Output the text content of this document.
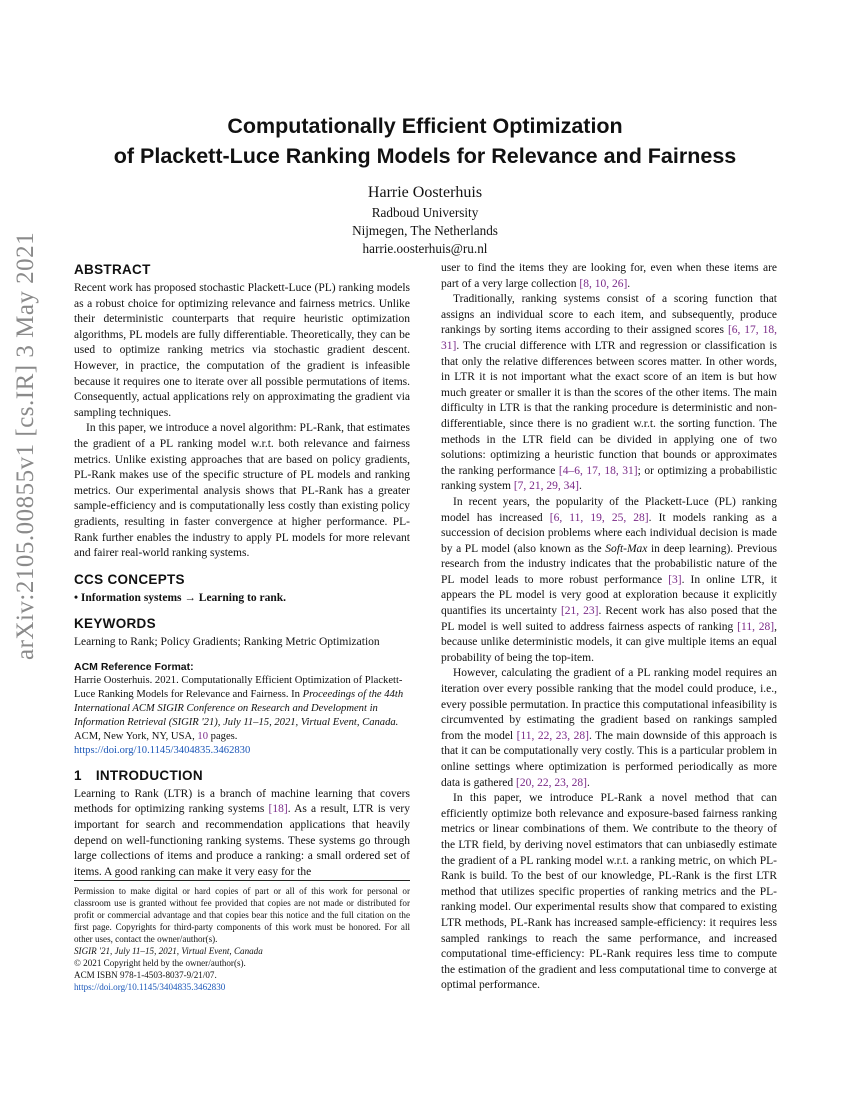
arXiv:2105.00855v1 [cs.IR] 3 May 2021
Computationally Efficient Optimization
of Plackett-Luce Ranking Models for Relevance and Fairness
Harrie Oosterhuis
Radboud University
Nijmegen, The Netherlands
harrie.oosterhuis@ru.nl
ABSTRACT

Recent work has proposed stochastic Plackett-Luce (PL) ranking models as a robust choice for optimizing relevance and fairness metrics. Unlike their deterministic counterparts that require heuristic optimization algorithms, PL models are fully differentiable. Theoretically, they can be used to optimize ranking metrics via stochastic gradient descent. However, in practice, the computation of the gradient is infeasible because it requires one to iterate over all possible permutations of items. Consequently, actual applications rely on approximating the gradient via sampling techniques.

In this paper, we introduce a novel algorithm: PL-Rank, that estimates the gradient of a PL ranking model w.r.t. both relevance and fairness metrics. Unlike existing approaches that are based on policy gradients, PL-Rank makes use of the specific structure of PL models and ranking metrics. Our experimental analysis shows that PL-Rank has a greater sample-efficiency and is computationally less costly than existing policy gradients, resulting in faster convergence at higher performance. PL-Rank further enables the industry to apply PL models for more relevant and fairer real-world ranking systems.

CCS CONCEPTS

• Information systems → Learning to rank.

KEYWORDS

Learning to Rank; Policy Gradients; Ranking Metric Optimization

ACM Reference Format:

Harrie Oosterhuis. 2021. Computationally Efficient Optimization of Plackett-Luce Ranking Models for Relevance and Fairness. In Proceedings of the 44th International ACM SIGIR Conference on Research and Development in Information Retrieval (SIGIR '21), July 11–15, 2021, Virtual Event, Canada. ACM, New York, NY, USA, 10 pages. https://doi.org/10.1145/3404835.3462830

1 INTRODUCTION

Learning to Rank (LTR) is a branch of machine learning that covers methods for optimizing ranking systems [18]. As a result, LTR is very important for search and recommendation applications that heavily depend on well-functioning ranking systems. These systems go through large collections of items and produce a ranking: a small ordered set of items. A good ranking can make it very easy for the

user to find the items they are looking for, even when these items are part of a very large collection [8, 10, 26].

Traditionally, ranking systems consist of a scoring function that assigns an individual score to each item, and subsequently, produce rankings by sorting items according to their assigned scores [6, 17, 18, 31]. The crucial difference with LTR and regression or classification is that only the relative differences between scores matter. In other words, in LTR it is not important what the exact score of an item is but how much greater or smaller it is than the scores of the other items. The main difficulty in LTR is that the ranking procedure is deterministic and non-differentiable, since there is no gradient w.r.t. the sorting function. The methods in the LTR field can be divided in applying one of two solutions: optimizing a heuristic function that bounds or approximates the ranking performance [4–6, 17, 18, 31]; or optimizing a probabilistic ranking system [7, 21, 29, 34].

In recent years, the popularity of the Plackett-Luce (PL) ranking model has increased [6, 11, 19, 25, 28]. It models ranking as a succession of decision problems where each individual decision is made by a PL model (also known as the Soft-Max in deep learning). Previous research from the industry indicates that the probabilistic nature of the PL model leads to more robust performance [3]. In online LTR, it appears the PL model is very good at exploration because it explicitly quantifies its uncertainty [21, 23]. Recent work has also posed that the PL model is well suited to address fairness aspects of ranking [11, 28], because unlike deterministic models, it can give multiple items an equal probability of being the top-item.

However, calculating the gradient of a PL ranking model requires an iteration over every possible ranking that the model could produce, i.e., every possible permutation. In practice this computational infeasibility is circumvented by estimating the gradient based on rankings sampled from the model [11, 22, 23, 28]. The main downside of this approach is that it can be computationally very costly. This is a particular problem in online settings where optimization is performed periodically as more data is gathered [20, 22, 23, 28].

In this paper, we introduce PL-Rank a novel method that can efficiently optimize both relevance and exposure-based fairness ranking metrics or linear combinations of them. We contribute to the theory of the LTR field, by deriving novel estimators that can unbiasedly estimate the gradient of a PL ranking model w.r.t. a ranking metric, on which PL-Rank is build. To the best of our knowledge, PL-Rank is the first LTR method that utilizes specific properties of ranking metrics and the PL-ranking model. Our experimental results show that compared to existing LTR methods, PL-Rank has increased sample-efficiency: it requires less sampled rankings to reach the same performance, and increased computational time-efficiency: PL-Rank requires less time to compute the estimation of the gradient and less computational time to converge at optimal performance.

Permission to make digital or hard copies of part or all of this work for personal or classroom use is granted without fee provided that copies are not made or distributed for profit or commercial advantage and that copies bear this notice and the full citation on the first page. Copyrights for third-party components of this work must be honored. For all other uses, contact the owner/author(s).

SIGIR '21, July 11–15, 2021, Virtual Event, Canada

© 2021 Copyright held by the owner/author(s).

ACM ISBN 978-1-4503-8037-9/21/07.

https://doi.org/10.1145/3404835.3462830
